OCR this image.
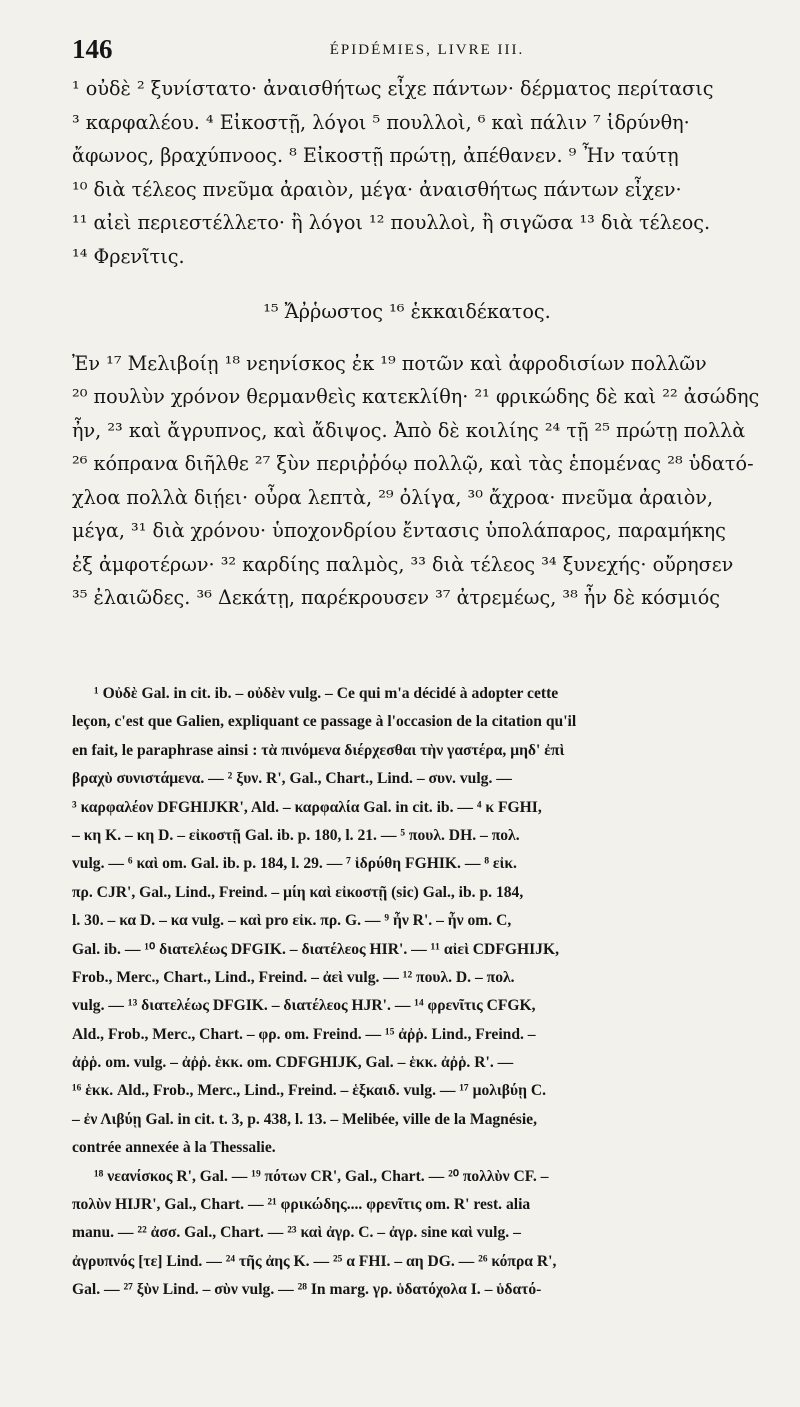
146	ÉPIDÉMIES, LIVRE III.
¹ οὐδὲ ² ξυνίστατο· ἀναισθήτως εἶχε πάντων· δέρματος περίτασις
³ καρφαλέου. ⁴ Εἰκοστῇ, λόγοι ⁵ πουλλοὶ, ⁶ καὶ πάλιν ⁷ ἱδρύνθη·
ἄφωνος, βραχύπνοος. ⁸ Εἰκοστῇ πρώτῃ, ἀπέθανεν. ⁹ Ἦν ταύτῃ
¹⁰ διὰ τέλεος πνεῦμα ἀραιὸν, μέγα· ἀναισθήτως πάντων εἶχεν·
¹¹ αἰεὶ περιεστέλλετο· ἢ λόγοι ¹² πουλλοὶ, ἢ σιγῶσα ¹³ διὰ τέλεος.
¹⁴ Φρενῖτις.
¹⁵ Ἄῤῥωστος ¹⁶ ἑκκαιδέκατος.
Ἐν ¹⁷ Μελιβοίῃ ¹⁸ νεηνίσκος ἐκ ¹⁹ ποτῶν καὶ ἀφροδισίων πολλῶν
²⁰ πουλὺν χρόνον θερμανθεὶς κατεκλίθη· ²¹ φρικώδης δὲ καὶ ²² ἀσώδης
ἦν, ²³ καὶ ἄγρυπνος, καὶ ἄδιψος. Ἀπὸ δὲ κοιλίης ²⁴ τῇ ²⁵ πρώτῃ πολλὰ
²⁶ κόπρανα διῆλθε ²⁷ ξὺν περιῤῥόῳ πολλῷ, καὶ τὰς ἑπομένας ²⁸ ὑδατό-
χλοα πολλὰ διῄει· οὖρα λεπτὰ, ²⁹ ὀλίγα, ³⁰ ἄχροα· πνεῦμα ἀραιὸν,
μέγα, ³¹ διὰ χρόνου· ὑποχονδρίου ἔντασις ὑπολάπαρος, παραμήκης
ἐξ ἀμφοτέρων· ³² καρδίης παλμὸς, ³³ διὰ τέλεος ³⁴ ξυνεχής· οὔρησεν
³⁵ ἐλαιῶδες. ³⁶ Δεκάτῃ, παρέκρουσεν ³⁷ ἀτρεμέως, ³⁸ ἦν δὲ κόσμιός
¹ Οὐδὲ Gal. in cit. ib. – οὐδὲν vulg. – Ce qui m'a décidé à adopter cette
leçon, c'est que Galien, expliquant ce passage à l'occasion de la citation qu'il
en fait, le paraphrase ainsi : τὰ πινόμενα διέρχεσθαι τὴν γαστέρα, μηδ' ἐπὶ
βραχὺ συνιστάμενα. — ² ξυν. R', Gal., Chart., Lind. – συν. vulg. —
³ καρφαλέον DFGHIJKR', Ald. – καρφαλία Gal. in cit. ib. — ⁴ κ FGHI,
– κη K. – κη D. – εἰκοστῇ Gal. ib. p. 180, l. 21. — ⁵ πουλ. DH. – πολ.
vulg. — ⁶ καὶ om. Gal. ib. p. 184, l. 29. — ⁷ ἱδρύθη FGHIK. — ⁸ εἰκ.
πρ. CJR', Gal., Lind., Freind. – μίη καὶ εἰκοστῇ (sic) Gal., ib. p. 184,
l. 30. – κα D. – κα vulg. – καὶ pro εἰκ. πρ. G. — ⁹ ἦν R'. – ἦν om. C,
Gal. ib. — ¹⁰ διατελέως DFGIK. – διατέλεος HIR'. — ¹¹ αἰεὶ CDFGHIJK,
Frob., Merc., Chart., Lind., Freind. – ἀεὶ vulg. — ¹² πουλ. D. – πολ.
vulg. — ¹³ διατελέως DFGIK. – διατέλεος HJR'. — ¹⁴ φρενῖτις CFGK,
Ald., Frob., Merc., Chart. – φρ. om. Freind. — ¹⁵ ἀῤῥ. Lind., Freind. –
ἀῤῥ. om. vulg. – ἀῤῥ. ἑκκ. om. CDFGHIJK, Gal. – ἑκκ. ἀῤῥ. R'. —
¹⁶ ἑκκ. Ald., Frob., Merc., Lind., Freind. – ἑξκαιδ. vulg. — ¹⁷ μολιβύῃ C.
– ἐν Λιβύῃ Gal. in cit. t. 3, p. 438, l. 13. – Melibée, ville de la Magnésie,
contrée annexée à la Thessalie.
¹⁸ νεανίσκος R', Gal. — ¹⁹ πότων CR', Gal., Chart. — ²⁰ πολλὺν CF. –
πολὺν HIJR', Gal., Chart. — ²¹ φρικώδης.... φρενῖτις om. R' rest. alia
manu. — ²² ἀσσ. Gal., Chart. — ²³ καὶ ἀγρ. C. – ἀγρ. sine καὶ vulg. –
ἀγρυπνός [τε] Lind. — ²⁴ τῆς ἀης K. — ²⁵ α FHI. – αη DG. — ²⁶ κόπρα R',
Gal. — ²⁷ ξὺν Lind. – σὺν vulg. — ²⁸ In marg. γρ. ὑδατόχολα I. – ὑδατό-
